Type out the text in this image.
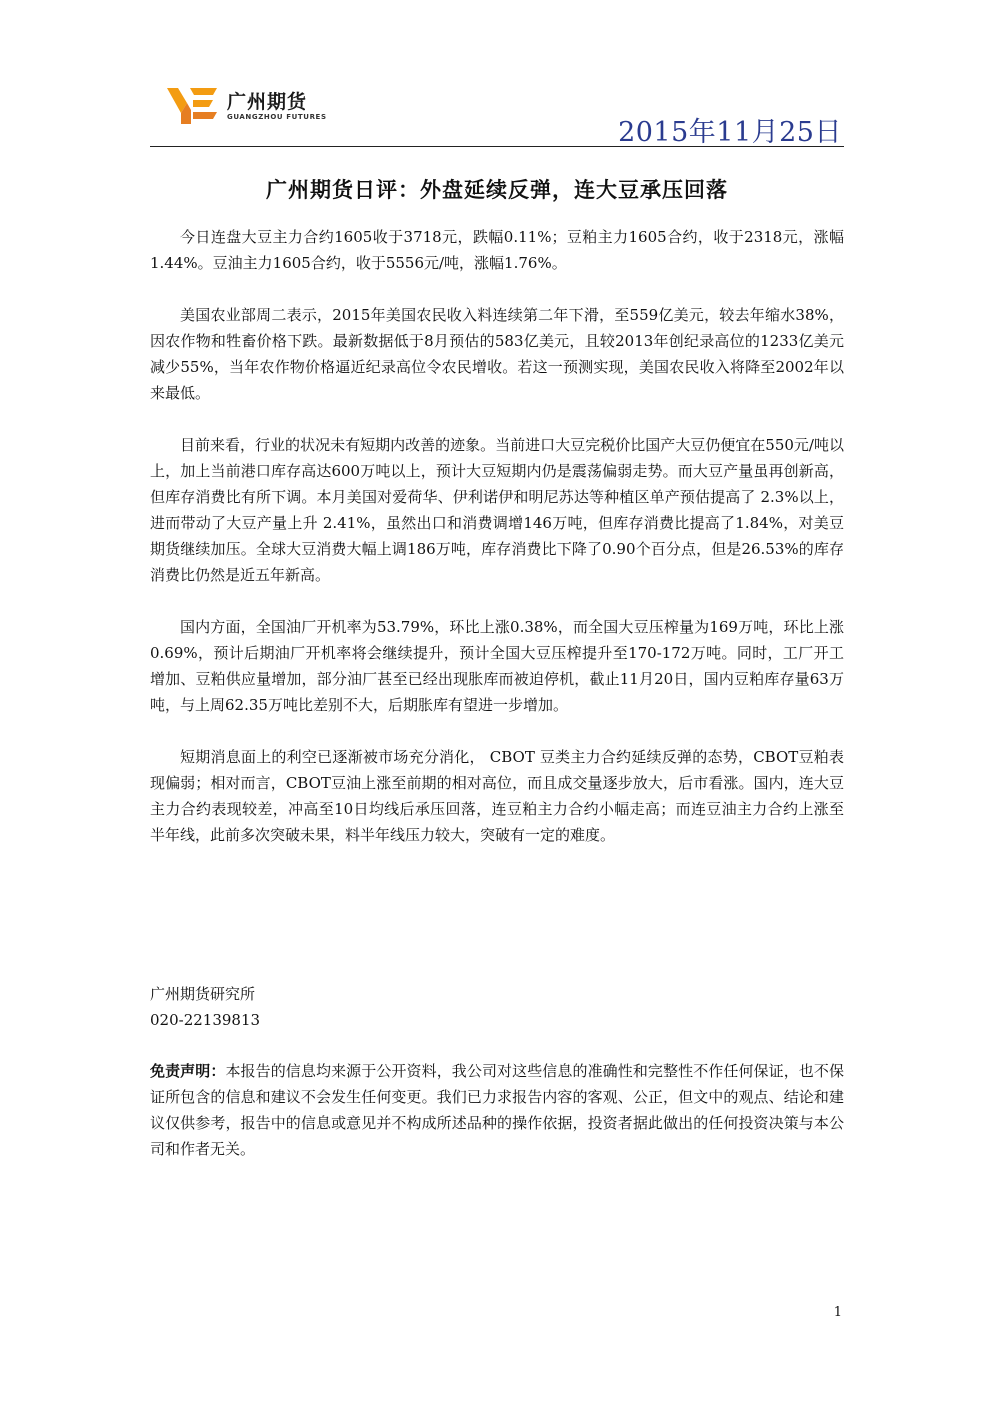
广州期货
GUANGZHOU FUTURES
2015年11月25日
广州期货日评：外盘延续反弹，连大豆承压回落

今日连盘大豆主力合约1605收于3718元，跌幅0.11%；豆粕主力1605合约，收于2318元，涨幅1.44%。豆油主力1605合约，收于5556元/吨，涨幅1.76%。

美国农业部周二表示，2015年美国农民收入料连续第二年下滑，至559亿美元，较去年缩水38%，因农作物和牲畜价格下跌。最新数据低于8月预估的583亿美元，且较2013年创纪录高位的1233亿美元减少55%，当年农作物价格逼近纪录高位令农民增收。若这一预测实现，美国农民收入将降至2002年以来最低。

目前来看，行业的状况未有短期内改善的迹象。当前进口大豆完税价比国产大豆仍便宜在550元/吨以上，加上当前港口库存高达600万吨以上，预计大豆短期内仍是震荡偏弱走势。而大豆产量虽再创新高，但库存消费比有所下调。本月美国对爱荷华、伊利诺伊和明尼苏达等种植区单产预估提高了 2.3%以上，进而带动了大豆产量上升 2.41%，虽然出口和消费调增146万吨，但库存消费比提高了1.84%，对美豆期货继续加压。全球大豆消费大幅上调186万吨，库存消费比下降了0.90个百分点，但是26.53%的库存消费比仍然是近五年新高。

国内方面，全国油厂开机率为53.79%，环比上涨0.38%，而全国大豆压榨量为169万吨，环比上涨0.69%，预计后期油厂开机率将会继续提升，预计全国大豆压榨提升至170-172万吨。同时，工厂开工增加、豆粕供应量增加，部分油厂甚至已经出现胀库而被迫停机，截止11月20日，国内豆粕库存量63万吨，与上周62.35万吨比差别不大，后期胀库有望进一步增加。

短期消息面上的利空已逐渐被市场充分消化， CBOT 豆类主力合约延续反弹的态势，CBOT豆粕表现偏弱；相对而言，CBOT豆油上涨至前期的相对高位，而且成交量逐步放大，后市看涨。国内，连大豆主力合约表现较差，冲高至10日均线后承压回落，连豆粕主力合约小幅走高；而连豆油主力合约上涨至半年线，此前多次突破未果，料半年线压力较大，突破有一定的难度。

广州期货研究所
020-22139813
免责声明：本报告的信息均来源于公开资料，我公司对这些信息的准确性和完整性不作任何保证，也不保证所包含的信息和建议不会发生任何变更。我们已力求报告内容的客观、公正，但文中的观点、结论和建议仅供参考，报告中的信息或意见并不构成所述品种的操作依据，投资者据此做出的任何投资决策与本公司和作者无关。
1
